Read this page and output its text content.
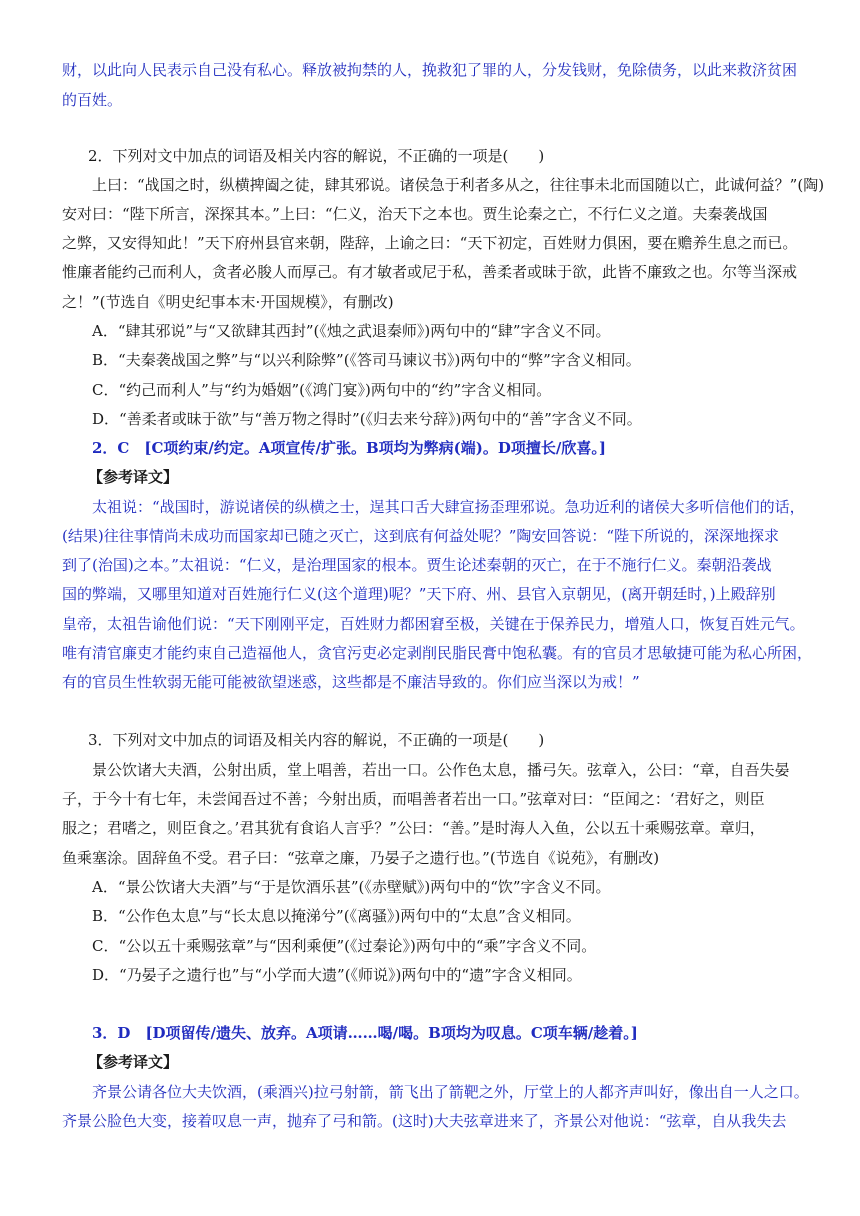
财，以此向人民表示自己没有私心。释放被拘禁的人，挽救犯了罪的人，分发钱财，免除债务，以此来救济贫困
的百姓。
2．下列对文中加点的词语及相关内容的解说，不正确的一项是(　　)
上曰：“战国之时，纵横捭阖之徒，肆其邪说。诸侯急于利者多从之，往往事未北而国随以亡，此诚何益？”(陶)
安对曰：“陛下所言，深探其本。”上曰：“仁义，治天下之本也。贾生论秦之亡，不行仁义之道。夫秦袭战国
之弊，又安得知此！”天下府州县官来朝，陛辞，上谕之曰：“天下初定，百姓财力俱困，要在赡养生息之而已。
惟廉者能约己而利人，贪者必朘人而厚己。有才敏者或尼于私，善柔者或昧于欲，此皆不廉致之也。尔等当深戒
之！”(节选自《明史纪事本末·开国规模》，有删改)
A．“肆其邪说”与“又欲肆其西封”(《烛之武退秦师》)两句中的“肆”字含义不同。
B．“夫秦袭战国之弊”与“以兴利除弊”(《答司马谏议书》)两句中的“弊”字含义相同。
C．“约己而利人”与“约为婚姻”(《鸿门宴》)两句中的“约”字含义相同。
D．“善柔者或昧于欲”与“善万物之得时”(《归去来兮辞》)两句中的“善”字含义不同。
2．C　[C项约束/约定。A项宣传/扩张。B项均为弊病(端)。D项擅长/欣喜。]
【参考译文】
太祖说：“战国时，游说诸侯的纵横之士，逞其口舌大肆宣扬歪理邪说。急功近利的诸侯大多听信他们的话，
(结果)往往事情尚未成功而国家却已随之灭亡，这到底有何益处呢？”陶安回答说：“陛下所说的，深深地探求
到了(治国)之本。”太祖说：“仁义，是治理国家的根本。贾生论述秦朝的灭亡，在于不施行仁义。秦朝沿袭战
国的弊端，又哪里知道对百姓施行仁义(这个道理)呢？”天下府、州、县官入京朝见，(离开朝廷时，)上殿辞别
皇帝，太祖告谕他们说：“天下刚刚平定，百姓财力都困窘至极，关键在于保养民力，增殖人口，恢复百姓元气。
唯有清官廉吏才能约束自己造福他人，贪官污吏必定剥削民脂民膏中饱私囊。有的官员才思敏捷可能为私心所困，
有的官员生性软弱无能可能被欲望迷惑，这些都是不廉洁导致的。你们应当深以为戒！”
3．下列对文中加点的词语及相关内容的解说，不正确的一项是(　　)
景公饮诸大夫酒，公射出质，堂上唱善，若出一口。公作色太息，播弓矢。弦章入，公曰：“章，自吾失晏
子，于今十有七年，未尝闻吾过不善；今射出质，而唱善者若出一口。”弦章对曰：“臣闻之：‘君好之，则臣
服之；君嗜之，则臣食之。’君其犹有食谄人言乎？”公曰：“善。”是时海人入鱼，公以五十乘赐弦章。章归，
鱼乘塞涂。固辞鱼不受。君子曰：“弦章之廉，乃晏子之遗行也。”(节选自《说苑》，有删改)
A．“景公饮诸大夫酒”与“于是饮酒乐甚”(《赤壁赋》)两句中的“饮”字含义不同。
B．“公作色太息”与“长太息以掩涕兮”(《离骚》)两句中的“太息”含义相同。
C．“公以五十乘赐弦章”与“因利乘便”(《过秦论》)两句中的“乘”字含义不同。
D．“乃晏子之遗行也”与“小学而大遗”(《师说》)两句中的“遗”字含义相同。
3．D　[D项留传/遗失、放弃。A项请……喝/喝。B项均为叹息。C项车辆/趁着。]
【参考译文】
齐景公请各位大夫饮酒，(乘酒兴)拉弓射箭，箭飞出了箭靶之外，厅堂上的人都齐声叫好，像出自一人之口。
齐景公脸色大变，接着叹息一声，抛弃了弓和箭。(这时)大夫弦章进来了，齐景公对他说：“弦章，自从我失去
